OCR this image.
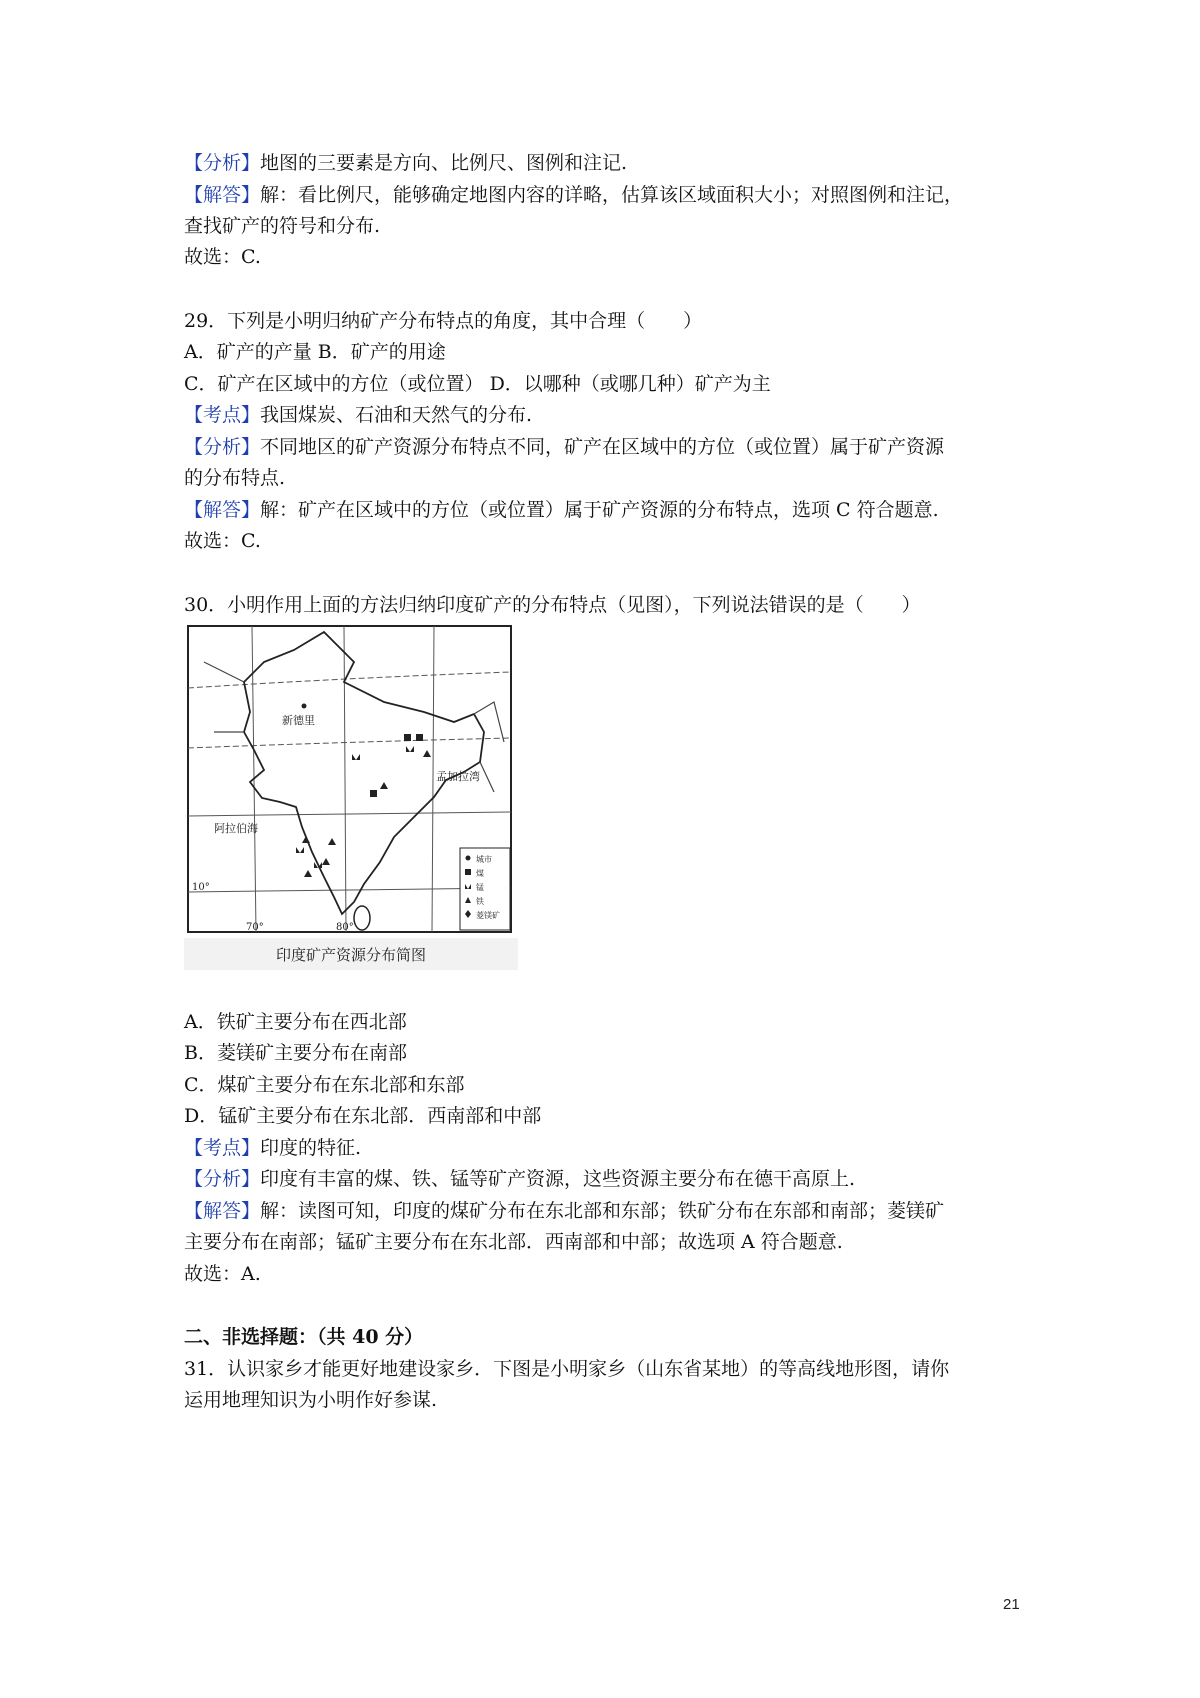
【分析】地图的三要素是方向、比例尺、图例和注记.
【解答】解：看比例尺，能够确定地图内容的详略，估算该区域面积大小；对照图例和注记，
查找矿产的符号和分布.
故选：C.
29．下列是小明归纳矿产分布特点的角度，其中合理（　　）
A．矿产的产量 B．矿产的用途
C．矿产在区域中的方位（或位置） D．以哪种（或哪几种）矿产为主
【考点】我国煤炭、石油和天然气的分布.
【分析】不同地区的矿产资源分布特点不同，矿产在区域中的方位（或位置）属于矿产资源
的分布特点.
【解答】解：矿产在区域中的方位（或位置）属于矿产资源的分布特点，选项 C 符合题意.
故选：C.
30．小明作用上面的方法归纳印度矿产的分布特点（见图），下列说法错误的是（　　）
新德里
孟加拉湾
阿拉伯海
10°
70°	80°
城市
煤
锰
铁
菱镁矿
印度矿产资源分布简图
A．铁矿主要分布在西北部
B．菱镁矿主要分布在南部
C．煤矿主要分布在东北部和东部
D．锰矿主要分布在东北部．西南部和中部
【考点】印度的特征.
【分析】印度有丰富的煤、铁、锰等矿产资源，这些资源主要分布在德干高原上.
【解答】解：读图可知，印度的煤矿分布在东北部和东部；铁矿分布在东部和南部；菱镁矿
主要分布在南部；锰矿主要分布在东北部．西南部和中部；故选项 A 符合题意.
故选：A.
二、非选择题：（共 40 分）
31．认识家乡才能更好地建设家乡．下图是小明家乡（山东省某地）的等高线地形图，请你
运用地理知识为小明作好参谋.
21
